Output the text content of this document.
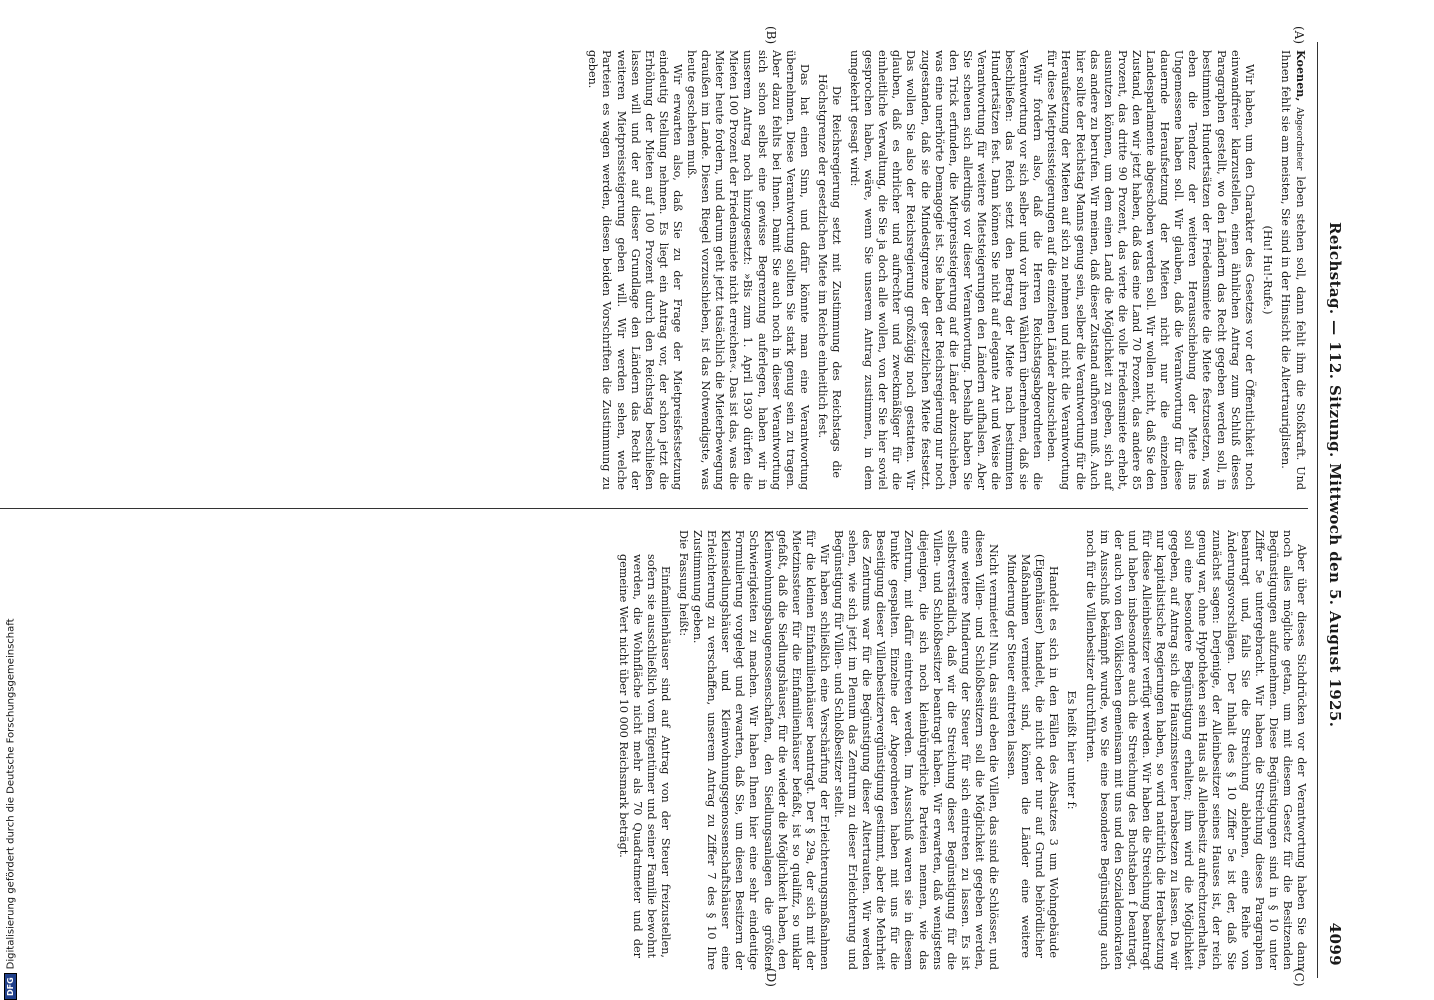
Reichstag. — 112. Sitzung. Mittwoch den 5. August 1925.
4099
(A)
(B)
(C)
(D)

Koenen, Abgeordneter leben stehen soll, dann fehlt ihm die Stoßkraft. Und Ihnen fehlt sie am meisten, Sie sind in der Hinsicht die Altertrauriglisten.

(Hu! Hu!-Rufe.)

Wir haben, um den Charakter des Gesetzes vor der Öffentlichkeit noch einwandfreier klarzustellen, einen ähnlichen Antrag zum Schluß dieses Paragraphen gestellt, wo den Ländern das Recht gegeben werden soll, in bestimmten Hundertsätzen der Friedensmiete die Miete festzusetzen, was eben die Tendenz der weiteren Herausschiebung der Miete ins Ungemessene haben soll. Wir glauben, daß die Verantwortung für diese dauernde Heraufsetzung der Mieten nicht nur die einzelnen Landesparlamente abgeschoben werden soll. Wir wollen nicht, daß Sie den Zustand, den wir jetzt haben, daß das eine Land 70 Prozent, das andere 85 Prozent, das dritte 90 Prozent, das vierte die volle Friedensmiete erhebt, ausnutzen können, um dem einen Land die Möglichkeit zu geben, sich auf das andere zu berufen. Wir meinen, daß dieser Zustand aufhören muß. Auch hier sollte der Reichstag Manns genug sein, selber die Verantwortung für die Heraufsetzung der Mieten auf sich zu nehmen und nicht die Verantwortung für diese Mietpreissteigerungen auf die einzelnen Länder abzuschieben.

Wir fordern also, daß die Herren Reichstagsabgeordneten die Verantwortung vor sich selber und vor ihren Wählern übernehmen, daß sie beschließen: das Reich setzt den Betrag der Miete nach bestimmten Hundertsätzen fest. Dann können Sie nicht auf elegante Art und Weise die Verantwortung für weitere Mietsteigerungen den Ländern aufhalsen. Aber Sie scheuen sich allerdings vor dieser Verantwortung. Deshalb haben Sie den Trick erfunden, die Mietpreissteigerung auf die Länder abzuschieben, was eine unerhörte Demagogie ist. Sie haben der Reichsregierung nur noch zugestanden, daß sie die Mindestgrenze der gesetzlichen Miete festsetzt. Das wollen Sie also der Reichsregierung großzügig noch gestatten. Wir glauben, daß es ehrlicher und aufrechter und zweckmäßiger für die einheitliche Verwaltung, die Sie ja doch alle wollen, von der Sie hier soviel gesprochen haben, wäre, wenn Sie unserem Antrag zustimmen, in dem umgekehrt gesagt wird:

Die Reichsregierung setzt mit Zustimmung des Reichstags die Höchstgrenze der gesetzlichen Miete im Reiche einheitlich fest.

Das hat einen Sinn, und dafür könnte man eine Verantwortung übernehmen. Diese Verantwortung sollten Sie stark genug sein zu tragen. Aber dazu fehlts bei Ihnen. Damit Sie auch noch in dieser Verantwortung sich schon selbst eine gewisse Begrenzung auferlegen, haben wir in unserem Antrag noch hinzugesetzt: »Bis zum 1. April 1930 dürfen die Mieten 100 Prozent der Friedensmiete nicht erreichen«. Das ist das, was die Mieter heute fordern, und darum geht jetzt tatsächlich die Mieterbewegung draußen im Lande. Diesen Riegel vorzuschieben, ist das Notwendigste, was heute geschehen muß.

Wir erwarten also, daß Sie zu der Frage der Mietpreisfestsetzung eindeutig Stellung nehmen. Es liegt ein Antrag vor, der schon jetzt die Erhöhung der Mieten auf 100 Prozent durch den Reichstag beschließen lassen will und der auf dieser Grundlage den Ländern das Recht der weiteren Mietpreissteigerung geben will. Wir werden sehen, welche Parteien es wagen werden, diesen beiden Vorschriften die Zustimmung zu geben.

Aber über dieses Sichdrücken vor der Verantwortung haben Sie dann noch alles mögliche getan, um mit diesem Gesetz für die Besitzenden Begünstigungen aufzunehmen. Diese Begünstigungen sind in § 10 unter Ziffer 5e untergebracht. Wir haben die Streichung dieses Paragraphen beantragt und, falls Sie die Streichung ablehnen, eine Reihe von Änderungsvorschlägen. Der Inhalt des § 10 Ziffer 5e ist der, daß Sie zunächst sagen: Derjenige, der Alleinbesitzer seines Hauses ist, der reich genug war, ohne Hypotheken sein Haus als Alleinbesitz aufrechtzuerhalten, soll eine besondere Begünstigung erhalten; ihm wird die Möglichkeit gegeben, auf Antrag sich die Hauszinssteuer herabsetzen zu lassen. Da wir nur kapitalistische Regierungen haben, so wird natürlich die Herabsetzung für diese Alleinbesitzer verfügt werden. Wir haben die Streichung beantragt und haben insbesondere auch die Streichung des Buchstaben f beantragt, der auch von den Völkischen gemeinsam mit uns und den Sozialdemokraten im Ausschuß bekämpft wurde, wo Sie eine besondere Begünstigung auch noch für die Villenbesitzer durchführten.

Es heißt hier unter f:

Handelt es sich in den Fällen des Absatzes 3 um Wohngebäude (Eigenhäuser) handelt, die nicht oder nur auf Grund behördlicher Maßnahmen vermietet sind, können die Länder eine weitere Minderung der Steuer eintreten lassen.

Nicht vermietet! Nun, das sind eben die Villen, das sind die Schlösser, und diesen Villen- und Schloßbesitzern soll die Möglichkeit gegeben werden, eine weitere Minderung der Steuer für sich eintreten zu lassen. Es ist selbstverständlich, daß wir die Streichung dieser Begünstigung für die Villen- und Schloßbesitzer beantragt haben. Wir erwarten, daß wenigstens diejenigen, die sich noch kleinbürgerliche Parteien nennen, wie das Zentrum, mit dafür eintreten werden. Im Ausschuß waren sie in diesem Punkte gespalten. Einzelne der Abgeordneten haben mit uns für die Beseitigung dieser Villenbesitzervergünstigung gestimmt, aber die Mehrheit des Zentrums war für die Begünstigung dieser Altertrauten. Wir werden sehen, wie sich jetzt im Plenum das Zentrum zu dieser Erleichterung und Begünstigung für Villen- und Schloßbesitzer stellt.

Wir haben schließlich eine Verschärfung der Erleichterungsmaßnahmen für die kleinen Einfamilienhäuser beantragt. Der § 29a, der sich mit der Mietzinssteuer für die Einfamilienhäuser befaßt, ist so qualifiz, so unklar gefaßt, daß die Siedlungshäuser, für die wieder die Möglichkeit haben, den Kleinwohnungsbaugenossenschaften, den Siedlungsanlagen die größten Schwierigkeiten zu machen. Wir haben Ihnen hier eine sehr eindeutige Formulierung vorgelegt und erwarten, daß Sie, um diesen Besitzern der Kleinsiedlungshäuser und Kleinwohnungsgenossenschaftshäuser eine Erleichterung zu verschaffen, unserem Antrag zu Ziffer 7 des § 10 Ihre Zustimmung geben.

Die Fassung heißt:

Einfamilienhäuser sind auf Antrag von der Steuer freizustellen, sofern sie ausschließlich vom Eigentümer und seiner Familie bewohnt werden, die Wohnfläche nicht mehr als 70 Quadratmeter und der gemeine Wert nicht über 10 000 Reichsmark beträgt.

DFGDigitalisierung gefördert durch die Deutsche Forschungsgemeinschaft
